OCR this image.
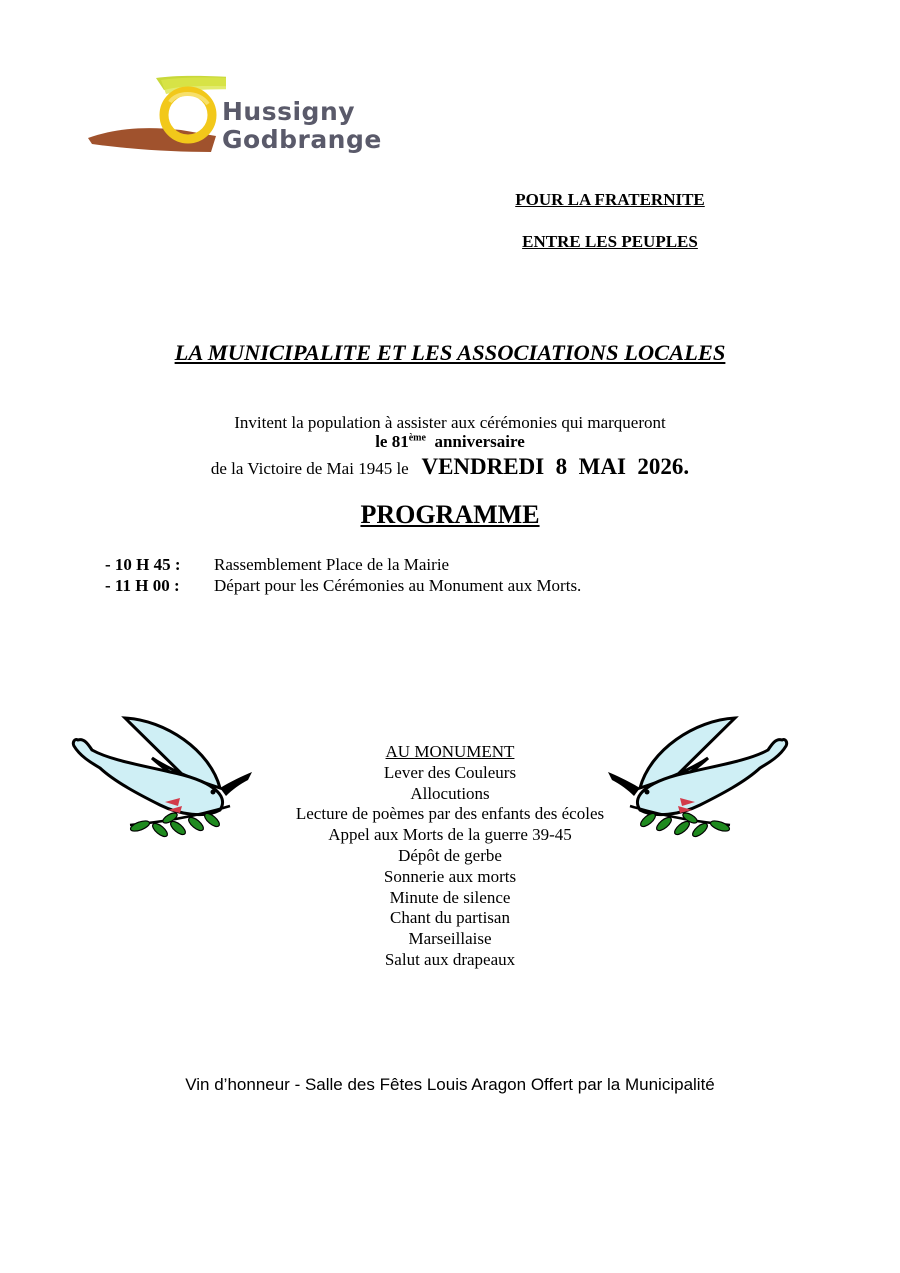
Hussigny
Godbrange
POUR LA FRATERNITE
ENTRE LES PEUPLES
LA MUNICIPALITE ET LES ASSOCIATIONS LOCALES
Invitent la population à assister aux cérémonies qui marqueront
le 81ème anniversaire
de la Victoire de Mai 1945 le VENDREDI  8  MAI  2026.
PROGRAMME
- 10 H 45 : Rassemblement Place de la Mairie
- 11 H 00 : Départ pour les Cérémonies au Monument aux Morts.
AU MONUMENT
Lever des Couleurs
Allocutions
Lecture de poèmes par des enfants des écoles
Appel aux Morts de la guerre 39-45
Dépôt de gerbe
Sonnerie aux morts
Minute de silence
Chant du partisan
Marseillaise
Salut aux drapeaux
Vin d’honneur - Salle des Fêtes Louis Aragon Offert par la Municipalité
